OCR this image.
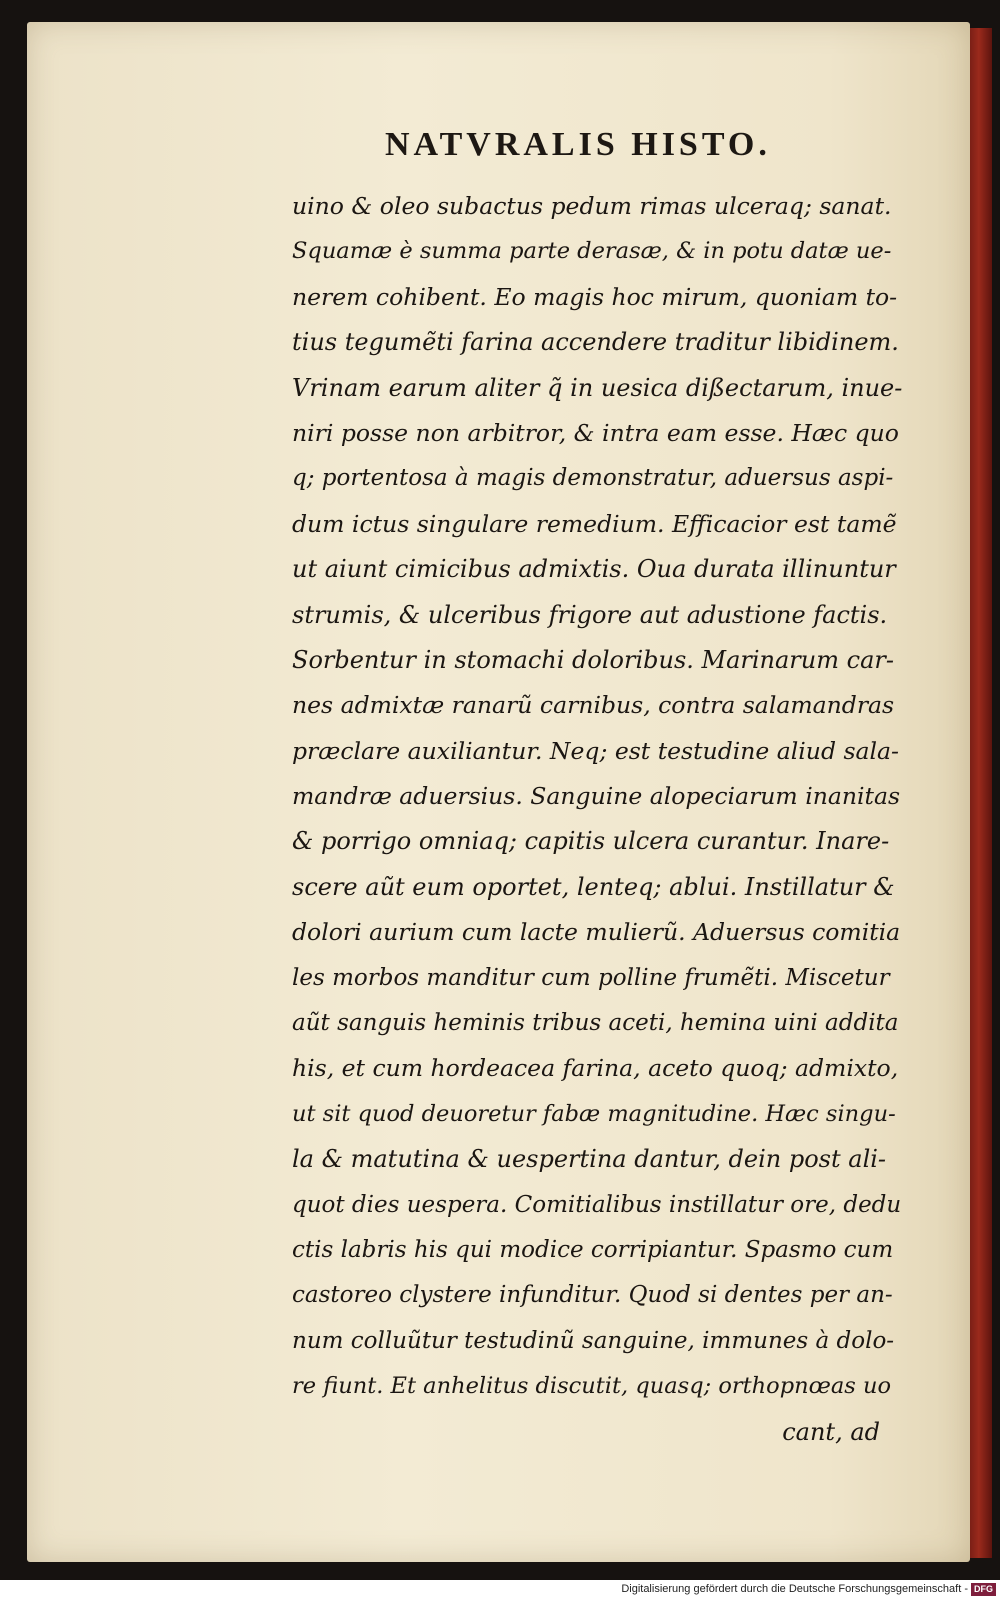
NATVRALIS HISTO.
uino & oleo subactus pedum rimas ulceraq; sanat.
Squamæ è summa parte derasæ, & in potu datæ ue-
nerem cohibent. Eo magis hoc mirum, quoniam to-
tius tegumẽti farina accendere traditur libidinem.
Vrinam earum aliter q̃ in uesica dißectarum, inue-
niri posse non arbitror, & intra eam esse. Hæc quo
q; portentosa à magis demonstratur, aduersus aspi-
dum ictus singulare remedium. Efficacior est tamẽ
ut aiunt cimicibus admixtis. Oua durata illinuntur
strumis, & ulceribus frigore aut adustione factis.
Sorbentur in stomachi doloribus. Marinarum car-
nes admixtæ ranarũ carnibus, contra salamandras
præclare auxiliantur. Neq; est testudine aliud sala-
mandræ aduersius. Sanguine alopeciarum inanitas
& porrigo omniaq; capitis ulcera curantur. Inare-
scere aũt eum oportet, lenteq; ablui. Instillatur &
dolori aurium cum lacte mulierũ. Aduersus comitia
les morbos manditur cum polline frumẽti. Miscetur
aũt sanguis heminis tribus aceti, hemina uini addita
his, et cum hordeacea farina, aceto quoq; admixto,
ut sit quod deuoretur fabæ magnitudine. Hæc singu-
la & matutina & uespertina dantur, dein post ali-
quot dies uespera. Comitialibus instillatur ore, dedu
ctis labris his qui modice corripiantur. Spasmo cum
castoreo clystere infunditur. Quod si dentes per an-
num colluũtur testudinũ sanguine, immunes à dolo-
re fiunt. Et anhelitus discutit, quasq; orthopnœas uo
cant, ad
Digitalisierung gefördert durch die Deutsche Forschungsgemeinschaft - DFG
